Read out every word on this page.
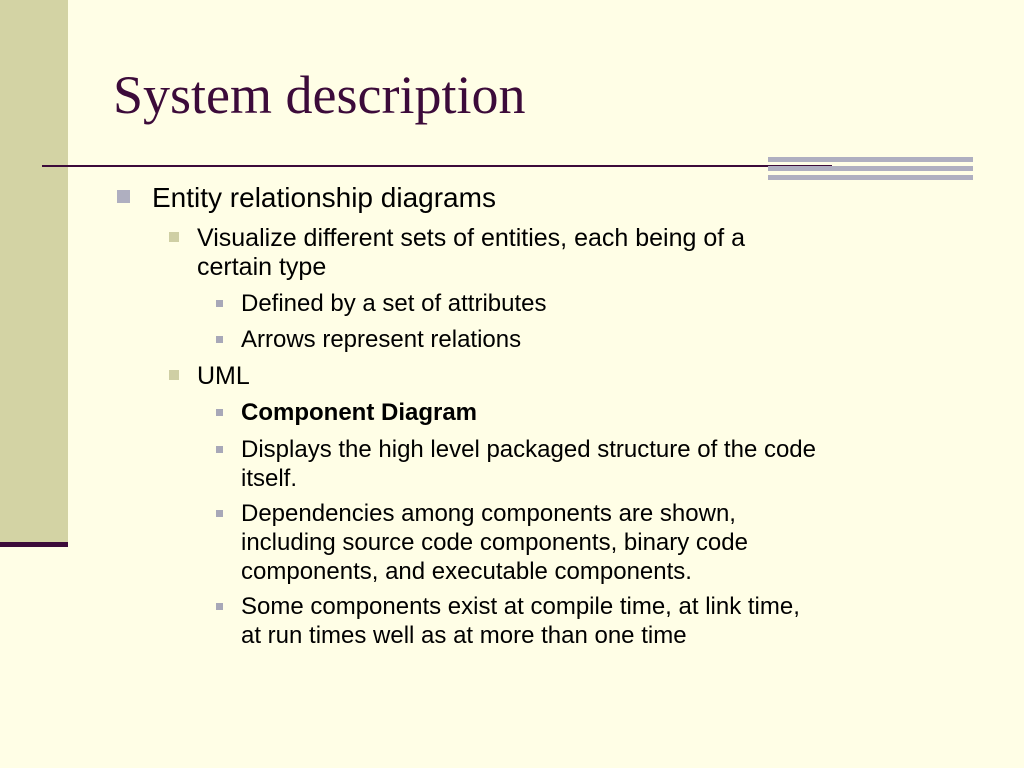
System description
Entity relationship diagrams
Visualize different sets of entities, each being of a
certain type
Defined by a set of attributes
Arrows represent relations
UML
Component Diagram
Displays the high level packaged structure of the code
itself.
Dependencies among components are shown,
including source code components, binary code
components, and executable components.
Some components exist at compile time, at link time,
at run times well as at more than one time
